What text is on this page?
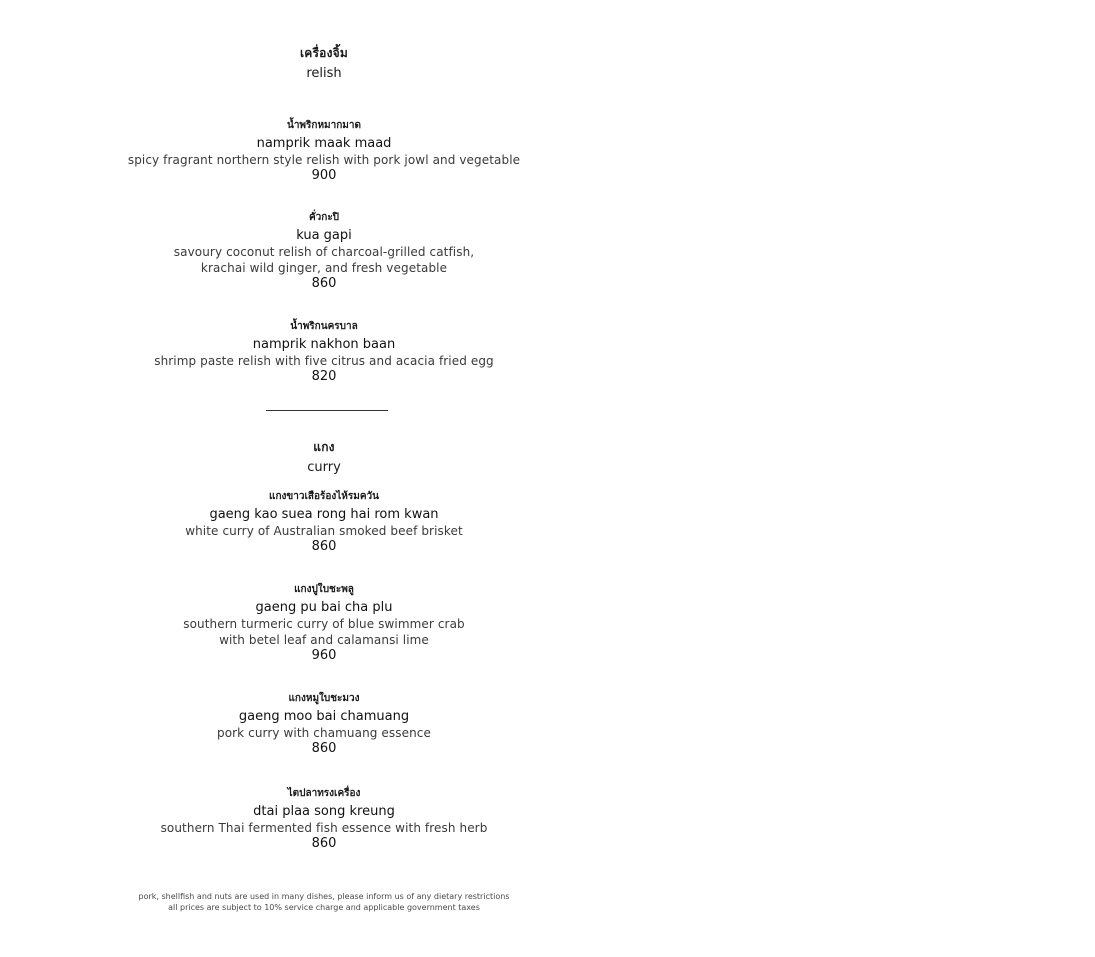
เครื่องจิ้ม
relish
น้ำพริกหมากมาด
namprik maak maad
spicy fragrant northern style relish with pork jowl and vegetable
900
คั่วกะปิ
kua gapi
savoury coconut relish of charcoal-grilled catfish,
krachai wild ginger, and fresh vegetable
860
น้ำพริกนครบาล
namprik nakhon baan
shrimp paste relish with five citrus and acacia fried egg
820
แกง
curry
แกงขาวเสือร้องไห้รมควัน
gaeng kao suea rong hai rom kwan
white curry of Australian smoked beef brisket
860
แกงปูใบชะพลู
gaeng pu bai cha plu
southern turmeric curry of blue swimmer crab
with betel leaf and calamansi lime
960
แกงหมูใบชะมวง
gaeng moo bai chamuang
pork curry with chamuang essence
860
ไตปลาทรงเครื่อง
dtai plaa song kreung
southern Thai fermented fish essence with fresh herb
860
pork, shellfish and nuts are used in many dishes, please inform us of any dietary restrictions
all prices are subject to 10% service charge and applicable government taxes
